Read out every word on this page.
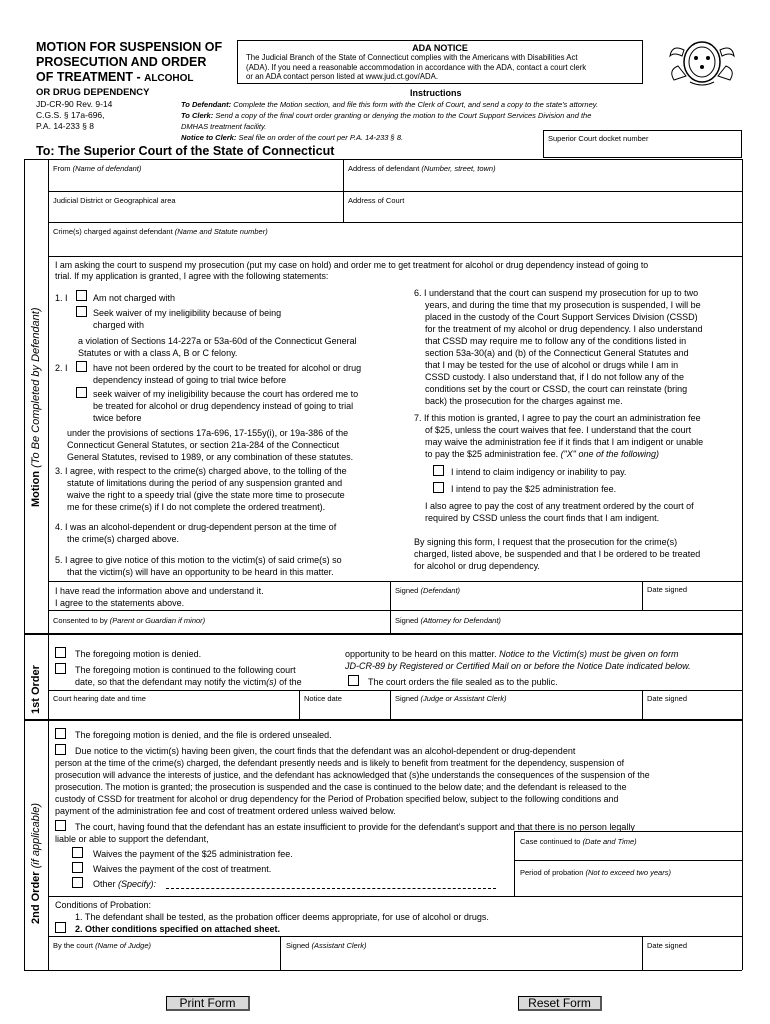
MOTION FOR SUSPENSION OF
PROSECUTION AND ORDER
OF TREATMENT - ALCOHOL
OR DRUG DEPENDENCY
JD-CR-90 Rev. 9-14
C.G.S. § 17a-696,
P.A. 14-233 § 8
ADA NOTICE
The Judicial Branch of the State of Connecticut complies with the Americans with Disabilities Act
(ADA). If you need a reasonable accommodation in accordance with the ADA, contact a court clerk
or an ADA contact person listed at www.jud.ct.gov/ADA.
Instructions
To Defendant: Complete the Motion section, and file this form with the Clerk of Court, and send a copy to the state's attorney.
To Clerk: Send a copy of the final court order granting or denying the motion to the Court Support Services Division and the
DMHAS treatment facility.
Notice to Clerk: Seal file on order of the court per P.A. 14-233 § 8.	Superior Court docket number
To: The Superior Court of the State of Connecticut
From (Name of defendant)	Address of defendant (Number, street, town)
Judicial District or Geographical area	Address of Court
Crime(s) charged against defendant (Name and Statute number)
Motion (To Be Completed by Defendant)
I am asking the court to suspend my prosecution (put my case on hold) and order me to get treatment for alcohol or drug dependency instead of going to
trial. If my application is granted, I agree with the following statements:
1. I	Am not charged with
Seek waiver of my ineligibility because of being
charged with
a violation of Sections 14-227a or 53a-60d of the Connecticut General
Statutes or with a class A, B or C felony.
2. I	have not been ordered by the court to be treated for alcohol or drug
dependency instead of going to trial twice before
seek waiver of my ineligibility because the court has ordered me to
be treated for alcohol or drug dependency instead of going to trial
twice before
under the provisions of sections 17a-696, 17-155y(i), or 19a-386 of the
Connecticut General Statutes, or section 21a-284 of the Connecticut
General Statutes, revised to 1989, or any combination of these statutes.
3. I agree, with respect to the crime(s) charged above, to the tolling of the
statute of limitations during the period of any suspension granted and
waive the right to a speedy trial (give the state more time to prosecute
me for these crime(s) if I do not complete the ordered treatment).
4. I was an alcohol-dependent or drug-dependent person at the time of
the crime(s) charged above.
5. I agree to give notice of this motion to the victim(s) of said crime(s) so
that the victim(s) will have an opportunity to be heard in this matter.
6. I understand that the court can suspend my prosecution for up to two
years, and during the time that my prosecution is suspended, I will be
placed in the custody of the Court Support Services Division (CSSD)
for the treatment of my alcohol or drug dependency. I also understand
that CSSD may require me to follow any of the conditions listed in
section 53a-30(a) and (b) of the Connecticut General Statutes and
that I may be tested for the use of alcohol or drugs while I am in
CSSD custody. I also understand that, if I do not follow any of the
conditions set by the court or CSSD, the court can reinstate (bring
back) the prosecution for the charges against me.
7. If this motion is granted, I agree to pay the court an administration fee
of $25, unless the court waives that fee. I understand that the court
may waive the administration fee if it finds that I am indigent or unable
to pay the $25 administration fee. ("X" one of the following)
I intend to claim indigency or inability to pay.
I intend to pay the $25 administration fee.
I also agree to pay the cost of any treatment ordered by the court of
required by CSSD unless the court finds that I am indigent.
By signing this form, I request that the prosecution for the crime(s)
charged, listed above, be suspended and that I be ordered to be treated
for alcohol or drug dependency.
I have read the information above and understand it.
I agree to the statements above.
Signed (Defendant)	Date signed
Consented to by (Parent or Guardian if minor)	Signed (Attorney for Defendant)
1st Order
The foregoing motion is denied.
The foregoing motion is continued to the following court
date, so that the defendant may notify the victim(s) of the
opportunity to be heard on this matter. Notice to the Victim(s) must be given on form
JD-CR-89 by Registered or Certified Mail on or before the Notice Date indicated below.
The court orders the file sealed as to the public.
Court hearing date and time	Notice date	Signed (Judge or Assistant Clerk)	Date signed
2nd Order (if applicable)
The foregoing motion is denied, and the file is ordered unsealed.
Due notice to the victim(s) having been given, the court finds that the defendant was an alcohol-dependent or drug-dependent
person at the time of the crime(s) charged, the defendant presently needs and is likely to benefit from treatment for the dependency, suspension of
prosecution will advance the interests of justice, and the defendant has acknowledged that (s)he understands the consequences of the suspension of the
prosecution. The motion is granted; the prosecution is suspended and the case is continued to the below date; and the defendant is released to the
custody of CSSD for treatment for alcohol or drug dependency for the Period of Probation specified below, subject to the following conditions and
payment of the administration fee and cost of treatment ordered unless waived below.
The court, having found that the defendant has an estate insufficient to provide for the defendant's support and that there is no person legally
liable or able to support the defendant,
Waives the payment of the $25 administration fee.
Waives the payment of the cost of treatment.
Other (Specify):
Case continued to (Date and Time)
Period of probation (Not to exceed two years)
Conditions of Probation:
1. The defendant shall be tested, as the probation officer deems appropriate, for use of alcohol or drugs.
2. Other conditions specified on attached sheet.
By the court (Name of Judge)	Signed (Assistant Clerk)	Date signed
Print Form	Reset Form
